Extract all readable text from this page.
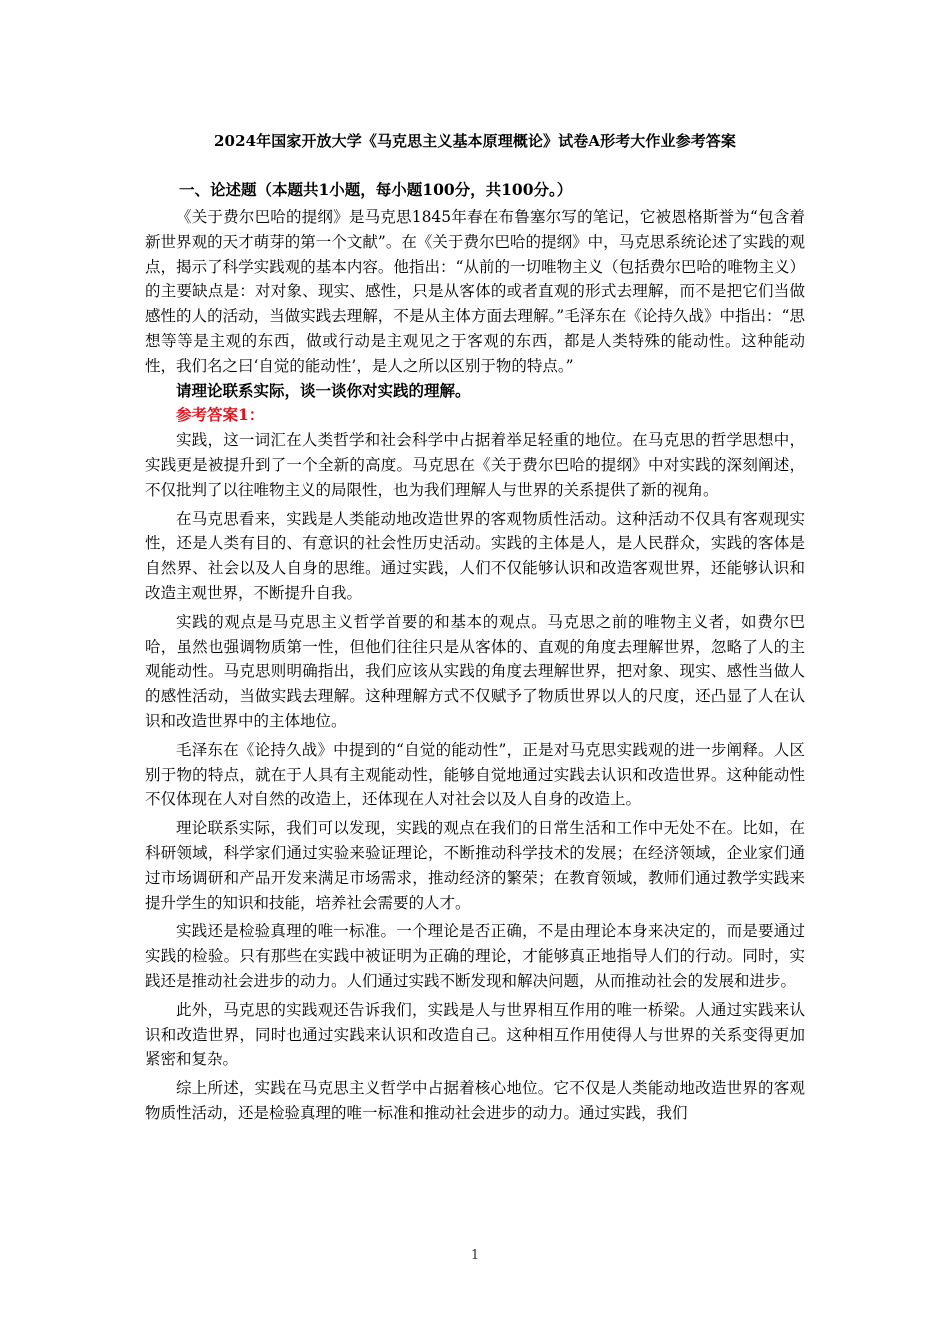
2024年国家开放大学《马克思主义基本原理概论》试卷A形考大作业参考答案
一、论述题（本题共1小题，每小题100分，共100分。）

《关于费尔巴哈的提纲》是马克思1845年春在布鲁塞尔写的笔记，它被恩格斯誉为“包含着新世界观的天才萌芽的第一个文献”。在《关于费尔巴哈的提纲》中，马克思系统论述了实践的观点，揭示了科学实践观的基本内容。他指出：“从前的一切唯物主义（包括费尔巴哈的唯物主义）的主要缺点是：对对象、现实、感性，只是从客体的或者直观的形式去理解，而不是把它们当做感性的人的活动，当做实践去理解，不是从主体方面去理解。”毛泽东在《论持久战》中指出：“思想等等是主观的东西，做或行动是主观见之于客观的东西，都是人类特殊的能动性。这种能动性，我们名之曰‘自觉的能动性’，是人之所以区别于物的特点。”

请理论联系实际，谈一谈你对实践的理解。

参考答案1：

实践，这一词汇在人类哲学和社会科学中占据着举足轻重的地位。在马克思的哲学思想中，实践更是被提升到了一个全新的高度。马克思在《关于费尔巴哈的提纲》中对实践的深刻阐述，不仅批判了以往唯物主义的局限性，也为我们理解人与世界的关系提供了新的视角。

在马克思看来，实践是人类能动地改造世界的客观物质性活动。这种活动不仅具有客观现实性，还是人类有目的、有意识的社会性历史活动。实践的主体是人，是人民群众，实践的客体是自然界、社会以及人自身的思维。通过实践，人们不仅能够认识和改造客观世界，还能够认识和改造主观世界，不断提升自我。

实践的观点是马克思主义哲学首要的和基本的观点。马克思之前的唯物主义者，如费尔巴哈，虽然也强调物质第一性，但他们往往只是从客体的、直观的角度去理解世界，忽略了人的主观能动性。马克思则明确指出，我们应该从实践的角度去理解世界，把对象、现实、感性当做人的感性活动，当做实践去理解。这种理解方式不仅赋予了物质世界以人的尺度，还凸显了人在认识和改造世界中的主体地位。

毛泽东在《论持久战》中提到的“自觉的能动性”，正是对马克思实践观的进一步阐释。人区别于物的特点，就在于人具有主观能动性，能够自觉地通过实践去认识和改造世界。这种能动性不仅体现在人对自然的改造上，还体现在人对社会以及人自身的改造上。

理论联系实际，我们可以发现，实践的观点在我们的日常生活和工作中无处不在。比如，在科研领域，科学家们通过实验来验证理论，不断推动科学技术的发展；在经济领域，企业家们通过市场调研和产品开发来满足市场需求，推动经济的繁荣；在教育领域，教师们通过教学实践来提升学生的知识和技能，培养社会需要的人才。

实践还是检验真理的唯一标准。一个理论是否正确，不是由理论本身来决定的，而是要通过实践的检验。只有那些在实践中被证明为正确的理论，才能够真正地指导人们的行动。同时，实践还是推动社会进步的动力。人们通过实践不断发现和解决问题，从而推动社会的发展和进步。

此外，马克思的实践观还告诉我们，实践是人与世界相互作用的唯一桥梁。人通过实践来认识和改造世界，同时也通过实践来认识和改造自己。这种相互作用使得人与世界的关系变得更加紧密和复杂。

综上所述，实践在马克思主义哲学中占据着核心地位。它不仅是人类能动地改造世界的客观物质性活动，还是检验真理的唯一标准和推动社会进步的动力。通过实践，我们

1
